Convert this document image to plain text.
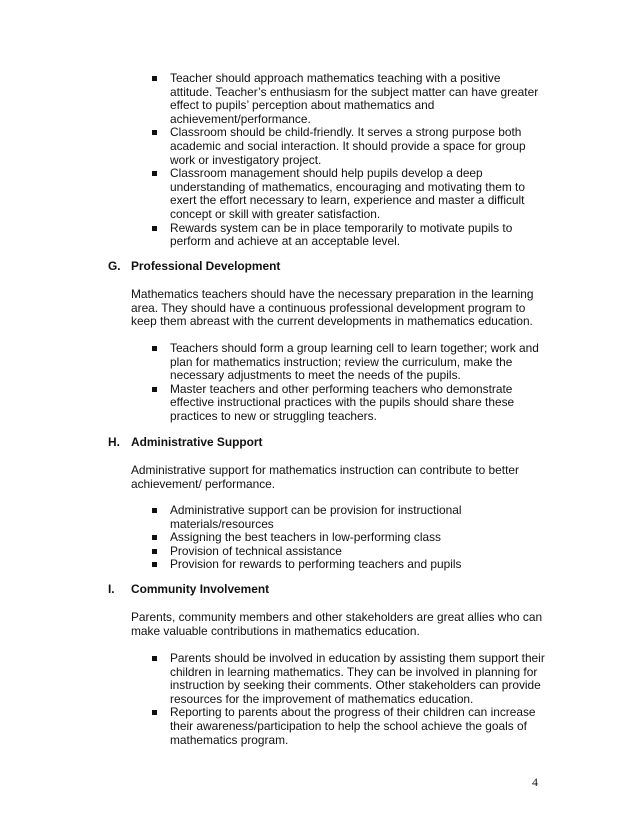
Teacher should approach mathematics teaching with a positive attitude. Teacher’s enthusiasm for the subject matter can have greater effect to pupils’ perception about mathematics and achievement/performance.
Classroom should be child-friendly. It serves a strong purpose both academic and social interaction. It should provide a space for group work or investigatory project.
Classroom management should help pupils develop a deep understanding of mathematics, encouraging and motivating them to exert the effort necessary to learn, experience and master a difficult concept or skill with greater satisfaction.
Rewards system can be in place temporarily to motivate pupils to perform and achieve at an acceptable level.
G. Professional Development
Mathematics teachers should have the necessary preparation in the learning area. They should have a continuous professional development program to keep them abreast with the current developments in mathematics education.
Teachers should form a group learning cell to learn together; work and plan for mathematics instruction; review the curriculum, make the necessary adjustments to meet the needs of the pupils.
Master teachers and other performing teachers who demonstrate effective instructional practices with the pupils should share these practices to new or struggling teachers.
H. Administrative Support
Administrative support for mathematics instruction can contribute to better achievement/ performance.
Administrative support can be provision for instructional materials/resources
Assigning the best teachers in low-performing class
Provision of technical assistance
Provision for rewards to performing teachers and pupils
I. Community Involvement
Parents, community members and other stakeholders are great allies who can make valuable contributions in mathematics education.
Parents should be involved in education by assisting them support their children in learning mathematics. They can be involved in planning for instruction by seeking their comments. Other stakeholders can provide resources for the improvement of mathematics education.
Reporting to parents about the progress of their children can increase their awareness/participation to help the school achieve the goals of mathematics program.
4
